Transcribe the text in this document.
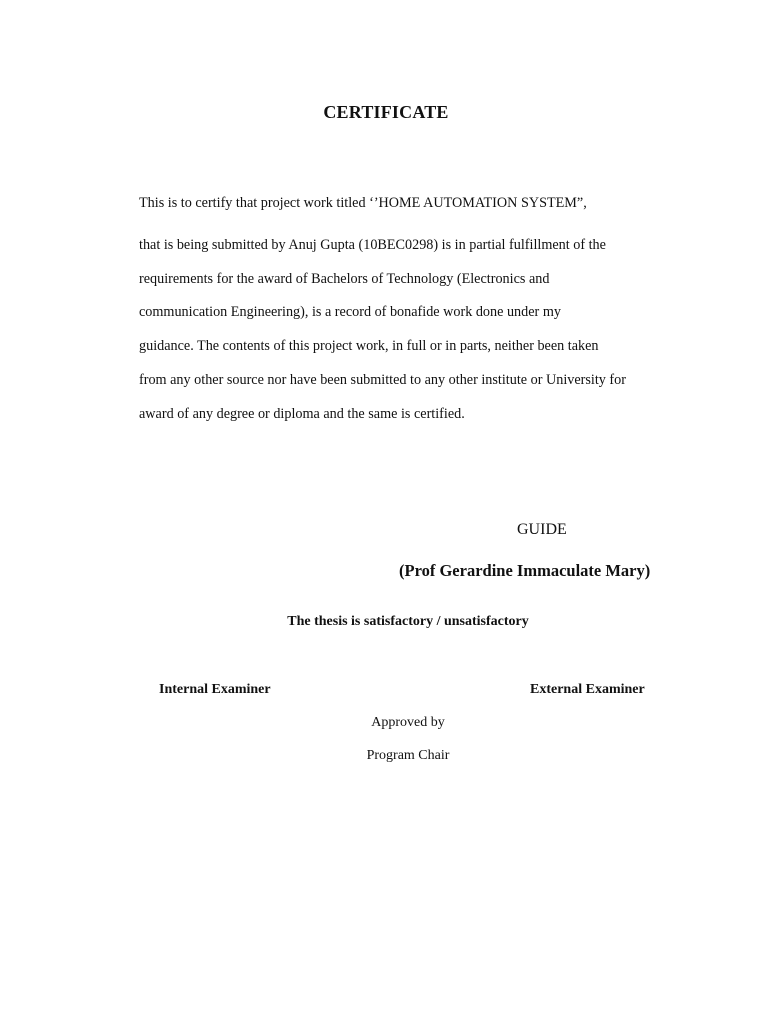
CERTIFICATE
This is to certify that project work titled ‘’HOME AUTOMATION SYSTEM”,
that is being submitted by Anuj Gupta (10BEC0298) is in partial fulfillment of the
requirements for the award of Bachelors of Technology (Electronics and
communication Engineering), is a record of bonafide work done under my
guidance. The contents of this project work, in full or in parts, neither been taken
from any other source nor have been submitted to any other institute or University for
award of any degree or diploma and the same is certified.
GUIDE
(Prof Gerardine Immaculate Mary)
The thesis is satisfactory / unsatisfactory
Internal Examiner	External Examiner
Approved by
Program Chair
